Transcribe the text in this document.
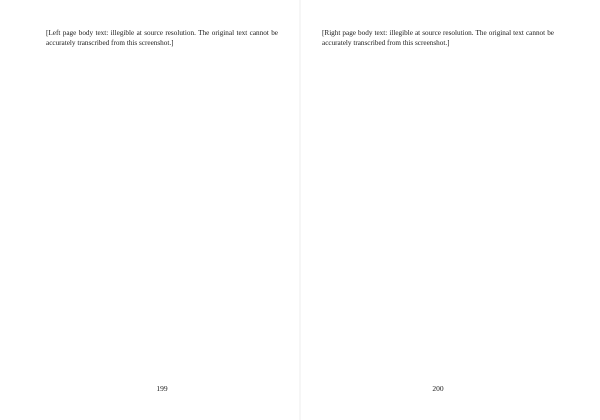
[Left page body text: illegible at source resolution. The original text cannot be accurately transcribed from this screenshot.]
199
[Right page body text: illegible at source resolution. The original text cannot be accurately transcribed from this screenshot.]
200
